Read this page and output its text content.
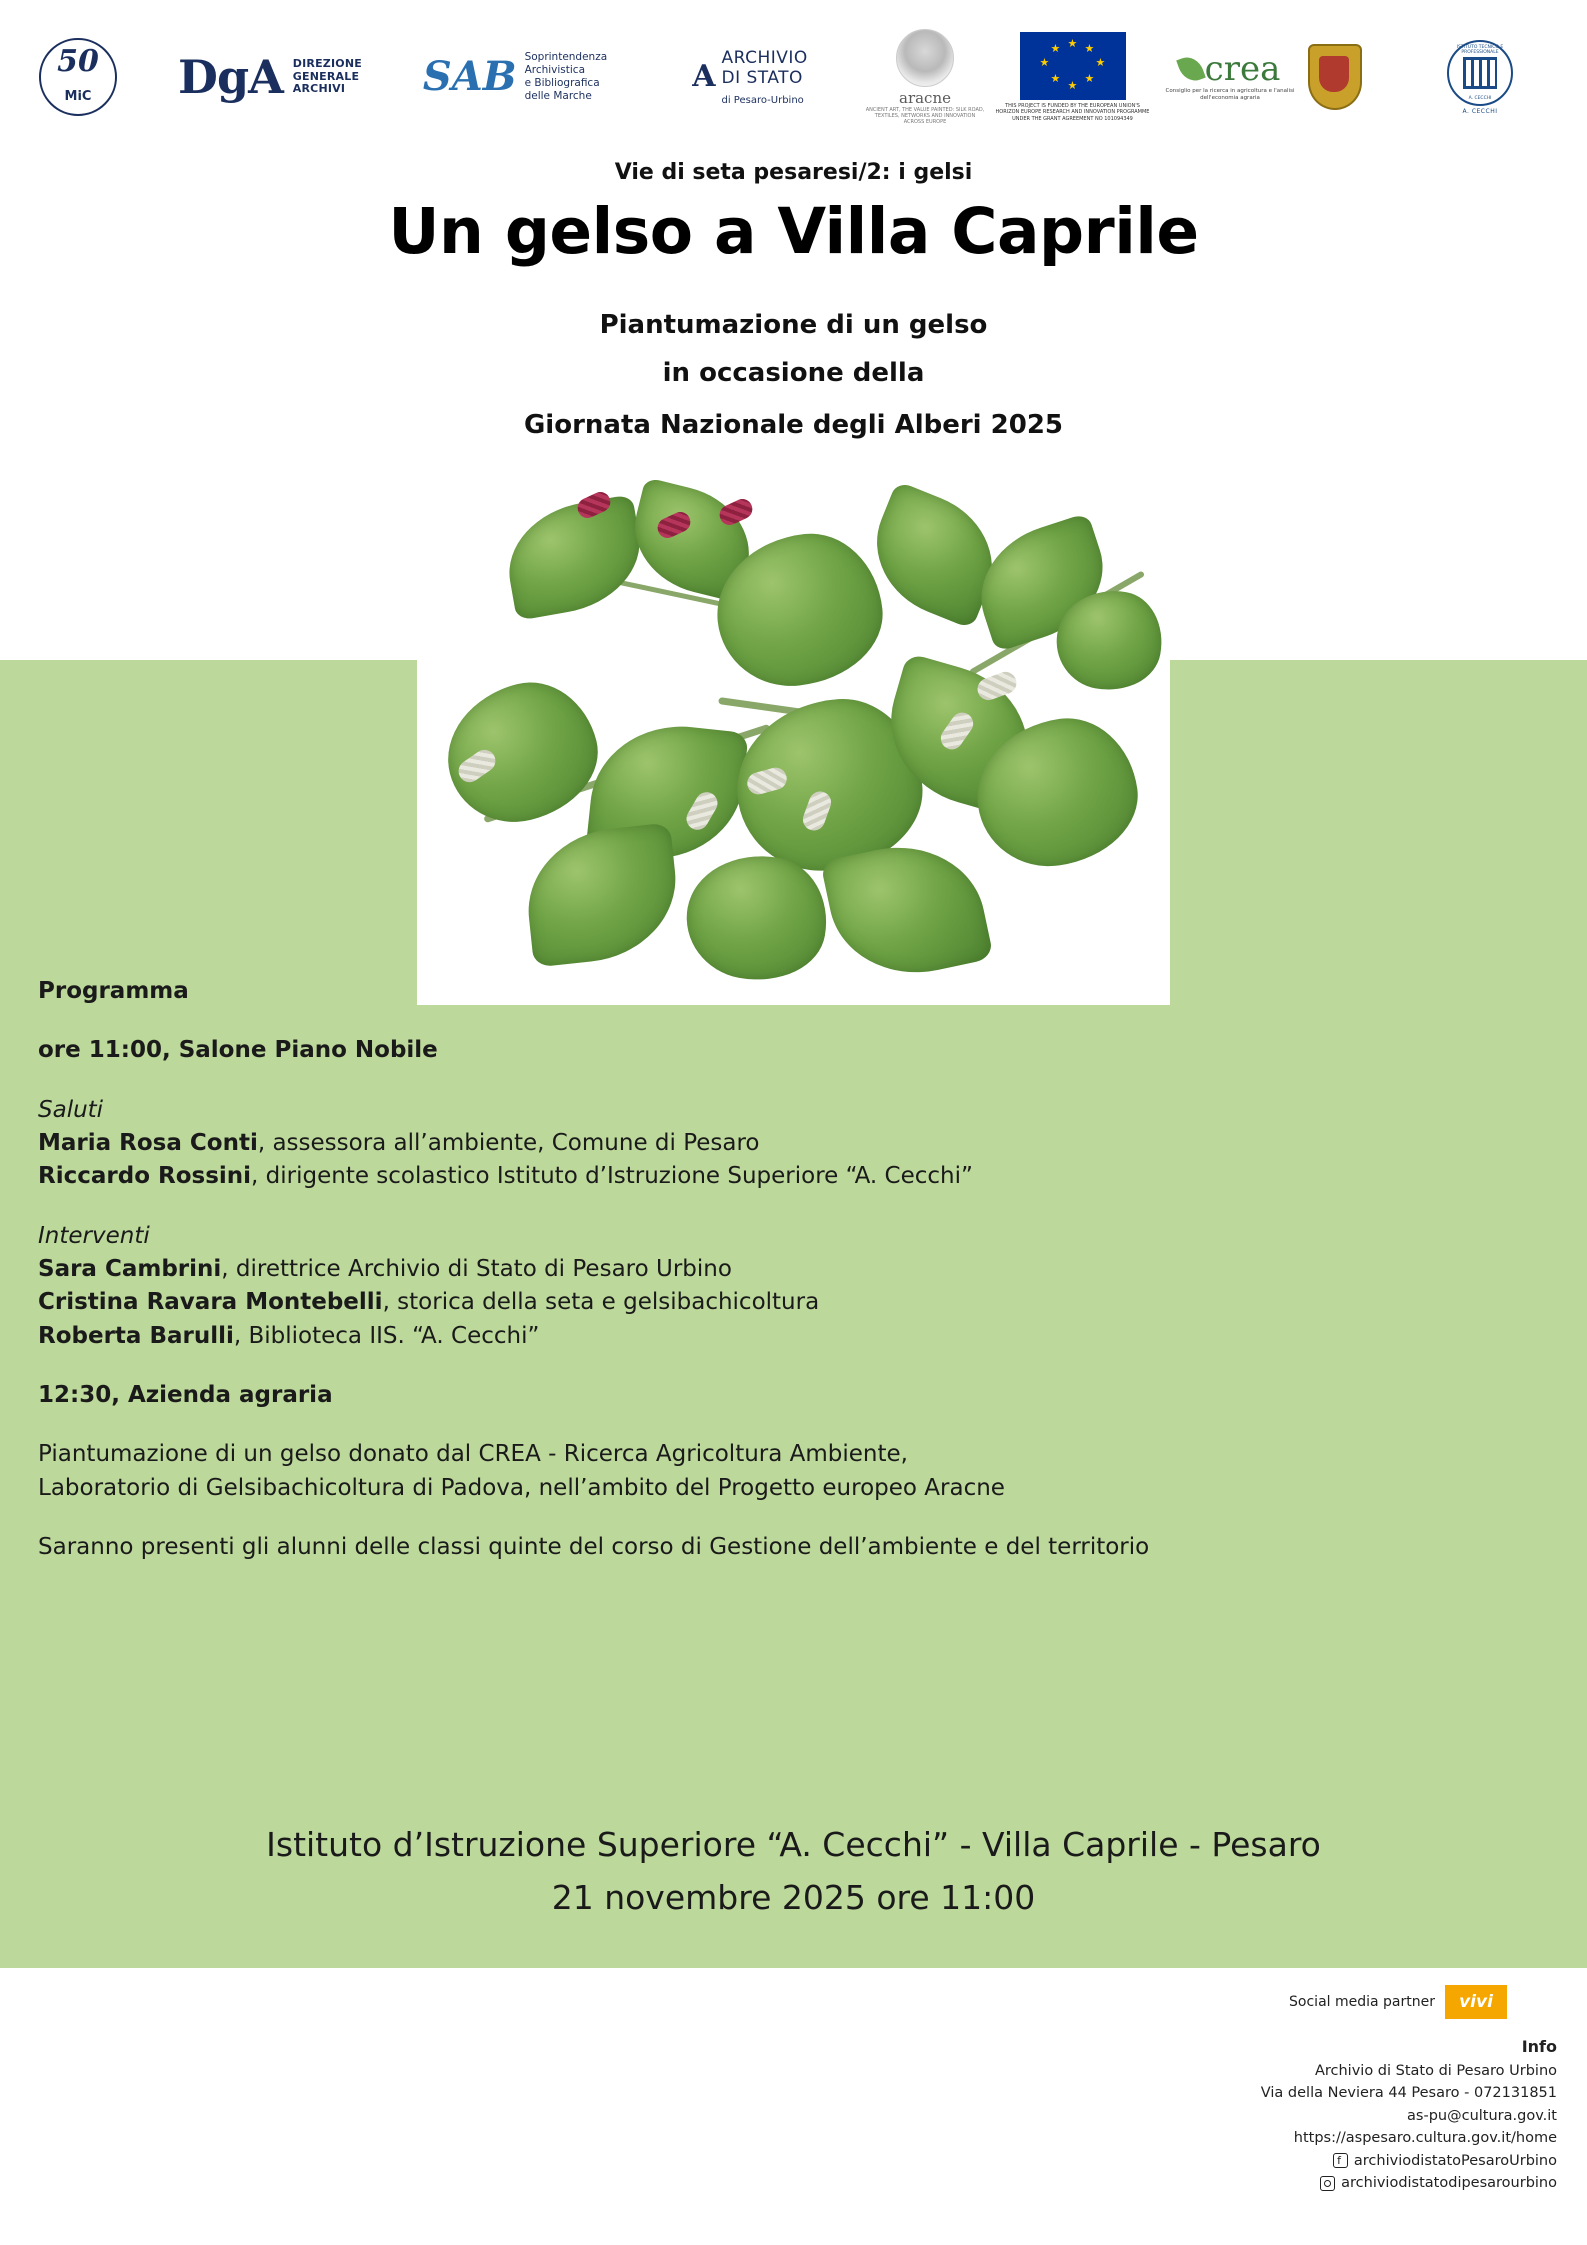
50
MiC DgA DIREZIONE
GENERALE
ARCHIVI	SAB Soprintendenza
Archivistica
e Bibliografica
delle Marche
A
ARCHIVIO
DI STATO
di Pesaro-Urbino	aracne
ANCIENT ART, THE VALUE PAINTED: SILK ROAD, TEXTILES, NETWORKS AND INNOVATION ACROSS EUROPE
★ ★
★
★
★
★
★
★
THIS PROJECT IS FUNDED BY THE EUROPEAN UNION'S HORIZON EUROPE RESEARCH AND INNOVATION PROGRAMME UNDER THE GRANT AGREEMENT NO 101094349
crea
Consiglio per la ricerca in agricoltura e l'analisi dell'economia agraria
ISTITUTO TECNICO E PROFESSIONALE
A. CECCHI
A. CECCHI
Vie di seta pesaresi/2: i gelsi
Un gelso a Villa Caprile
Piantumazione di un gelso
in occasione della
Giornata Nazionale degli Alberi 2025

Programma

ore 11:00, Salone Piano Nobile

Saluti

Maria Rosa Conti, assessora all’ambiente, Comune di Pesaro

Riccardo Rossini, dirigente scolastico Istituto d’Istruzione Superiore “A. Cecchi”

Interventi

Sara Cambrini, direttrice Archivio di Stato di Pesaro Urbino

Cristina Ravara Montebelli, storica della seta e gelsibachicoltura

Roberta Barulli, Biblioteca IIS. “A. Cecchi”

12:30, Azienda agraria

Piantumazione di un gelso donato dal CREA - Ricerca Agricoltura Ambiente,

Laboratorio di Gelsibachicoltura di Padova, nell’ambito del Progetto europeo Aracne

Saranno presenti gli alunni delle classi quinte del corso di Gestione dell’ambiente e del territorio

Istituto d’Istruzione Superiore “A. Cecchi” - Villa Caprile - Pesaro
21 novembre 2025 ore 11:00
Social media partner	vivi
Info
Archivio di Stato di Pesaro Urbino
Via della Neviera 44 Pesaro - 072131851
as-pu@cultura.gov.it
https://aspesaro.cultura.gov.it/home
f
archiviodistatoPesaroUrbino
archiviodistatodipesarourbino
